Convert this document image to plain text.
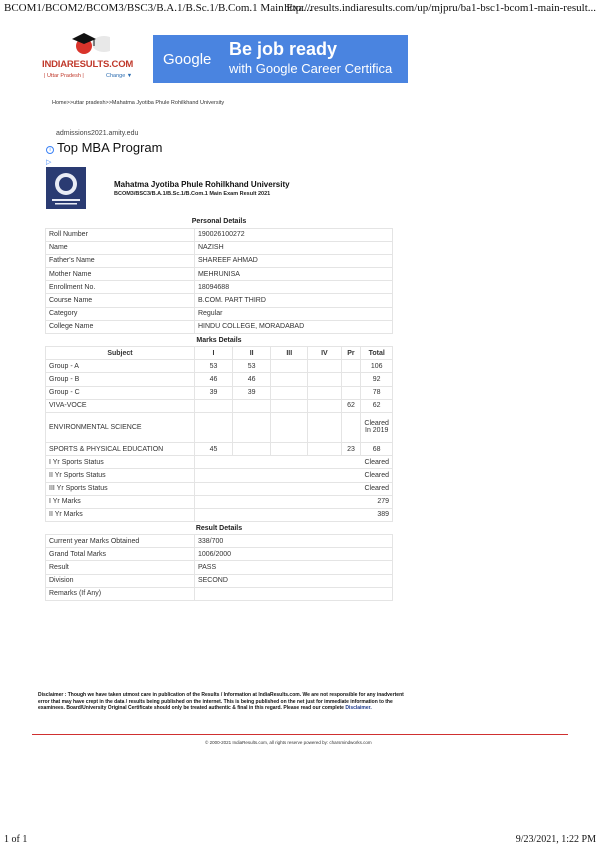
BCOM1/BCOM2/BCOM3/BSC3/B.A.1/B.Sc.1/B.Com.1 Main Exa...
http://results.indiaresults.com/up/mjpru/ba1-bsc1-bcom1-main-result...
INDIARESULTS.COM
| Uttar Pradesh |	Change ▼
Google
Be job ready
with Google Career Certifica
Home>>uttar pradesh>>Mahatma Jyotiba Phule Rohilkhand University
admissions2021.amity.edu
i Top MBA Program
▷
Mahatma Jyotiba Phule Rohilkhand University
BCOM3/BSC3/B.A.1/B.Sc.1/B.Com.1 Main Exam Result 2021
Personal Details						
Roll Number	190026100272					
Name	NAZISH					
Father's Name	SHAREEF AHMAD					
Mother Name	MEHRUNISA					
Enrollment No.	18094688					
Course Name	B.COM. PART THIRD					
Category	Regular					
College Name	HINDU COLLEGE, MORADABAD					
Marks Details						
Subject	I	II	III	IV	Pr	Total
Group - A	53	53				106
Group - B	46	46				92
Group - C	39	39				78
VIVA-VOCE					62	62
ENVIRONMENTAL SCIENCE						Cleared In 2019
SPORTS & PHYSICAL EDUCATION	45				23	68
I Yr Sports Status	Cleared					
II Yr Sports Status	Cleared					
III Yr Sports Status	Cleared					
I Yr Marks	279					
II Yr Marks	389					
Result Details						
Current year Marks Obtained	338/700					
Grand Total Marks	1006/2000					
Result	PASS					
Division	SECOND					
Remarks (If Any)						
Disclaimer : Though we have taken utmost care in publication of the Results / Information at IndiaResults.com. We are not responsible for any inadvertent error that may have crept in the data / results being published on the internet. This is being published on the net just for immediate information to the examinees. Board/University Original Certificate should only be treated authentic & final in this regard. Please read our complete Disclaimer.
© 2000-2021 IndiaResults.com, all rights reserve powered by: charsmindworks.com
1 of 1	9/23/2021, 1:22 PM
